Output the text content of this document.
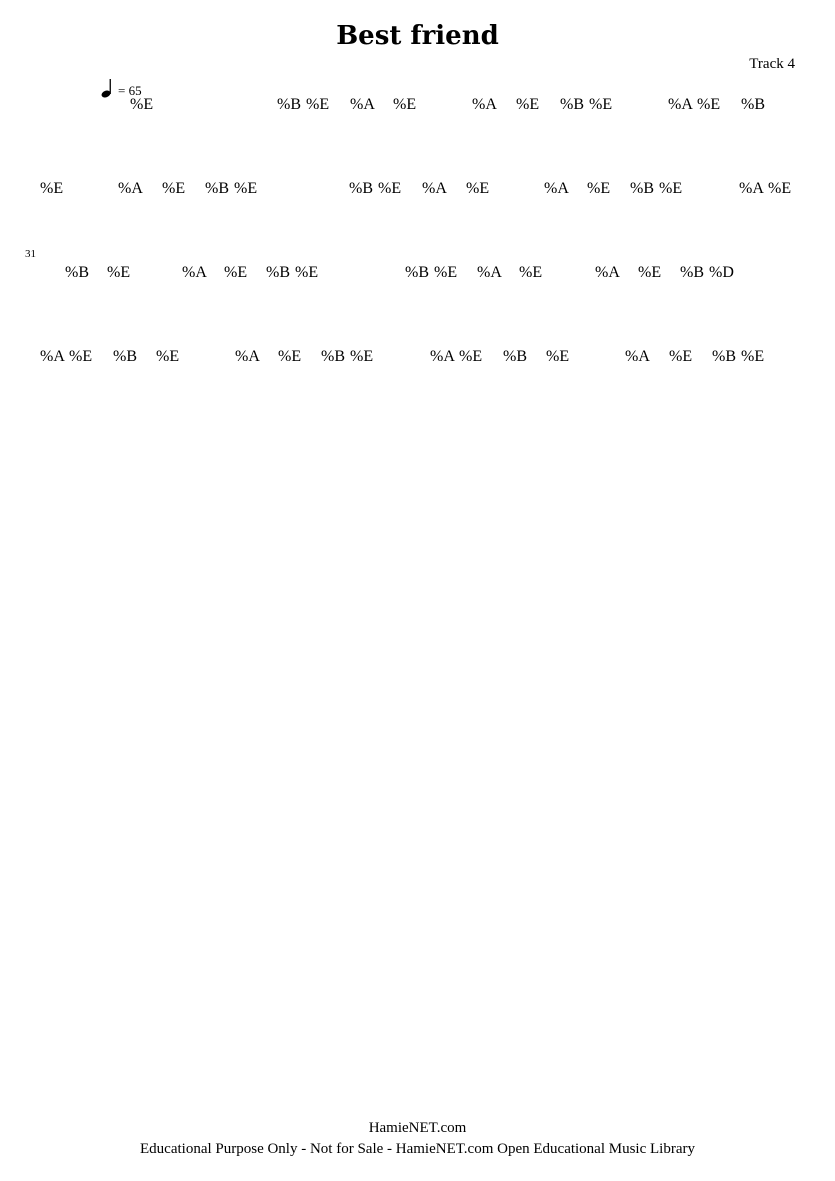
Best friend
Track 4
= 65
%E	%B %E %A %E	%A %E %B %E	%A %E %B
%E	%A %E %B %E	%B %E %A %E	%A %E %B %E	%A %E
31
%B %E	%A %E %B %E	%B %E %A %E	%A %E %B %D
%A %E %B %E	%A %E %B %E	%A %E %B %E	%A %E %B %E
HamieNET.com
Educational Purpose Only - Not for Sale - HamieNET.com Open Educational Music Library
